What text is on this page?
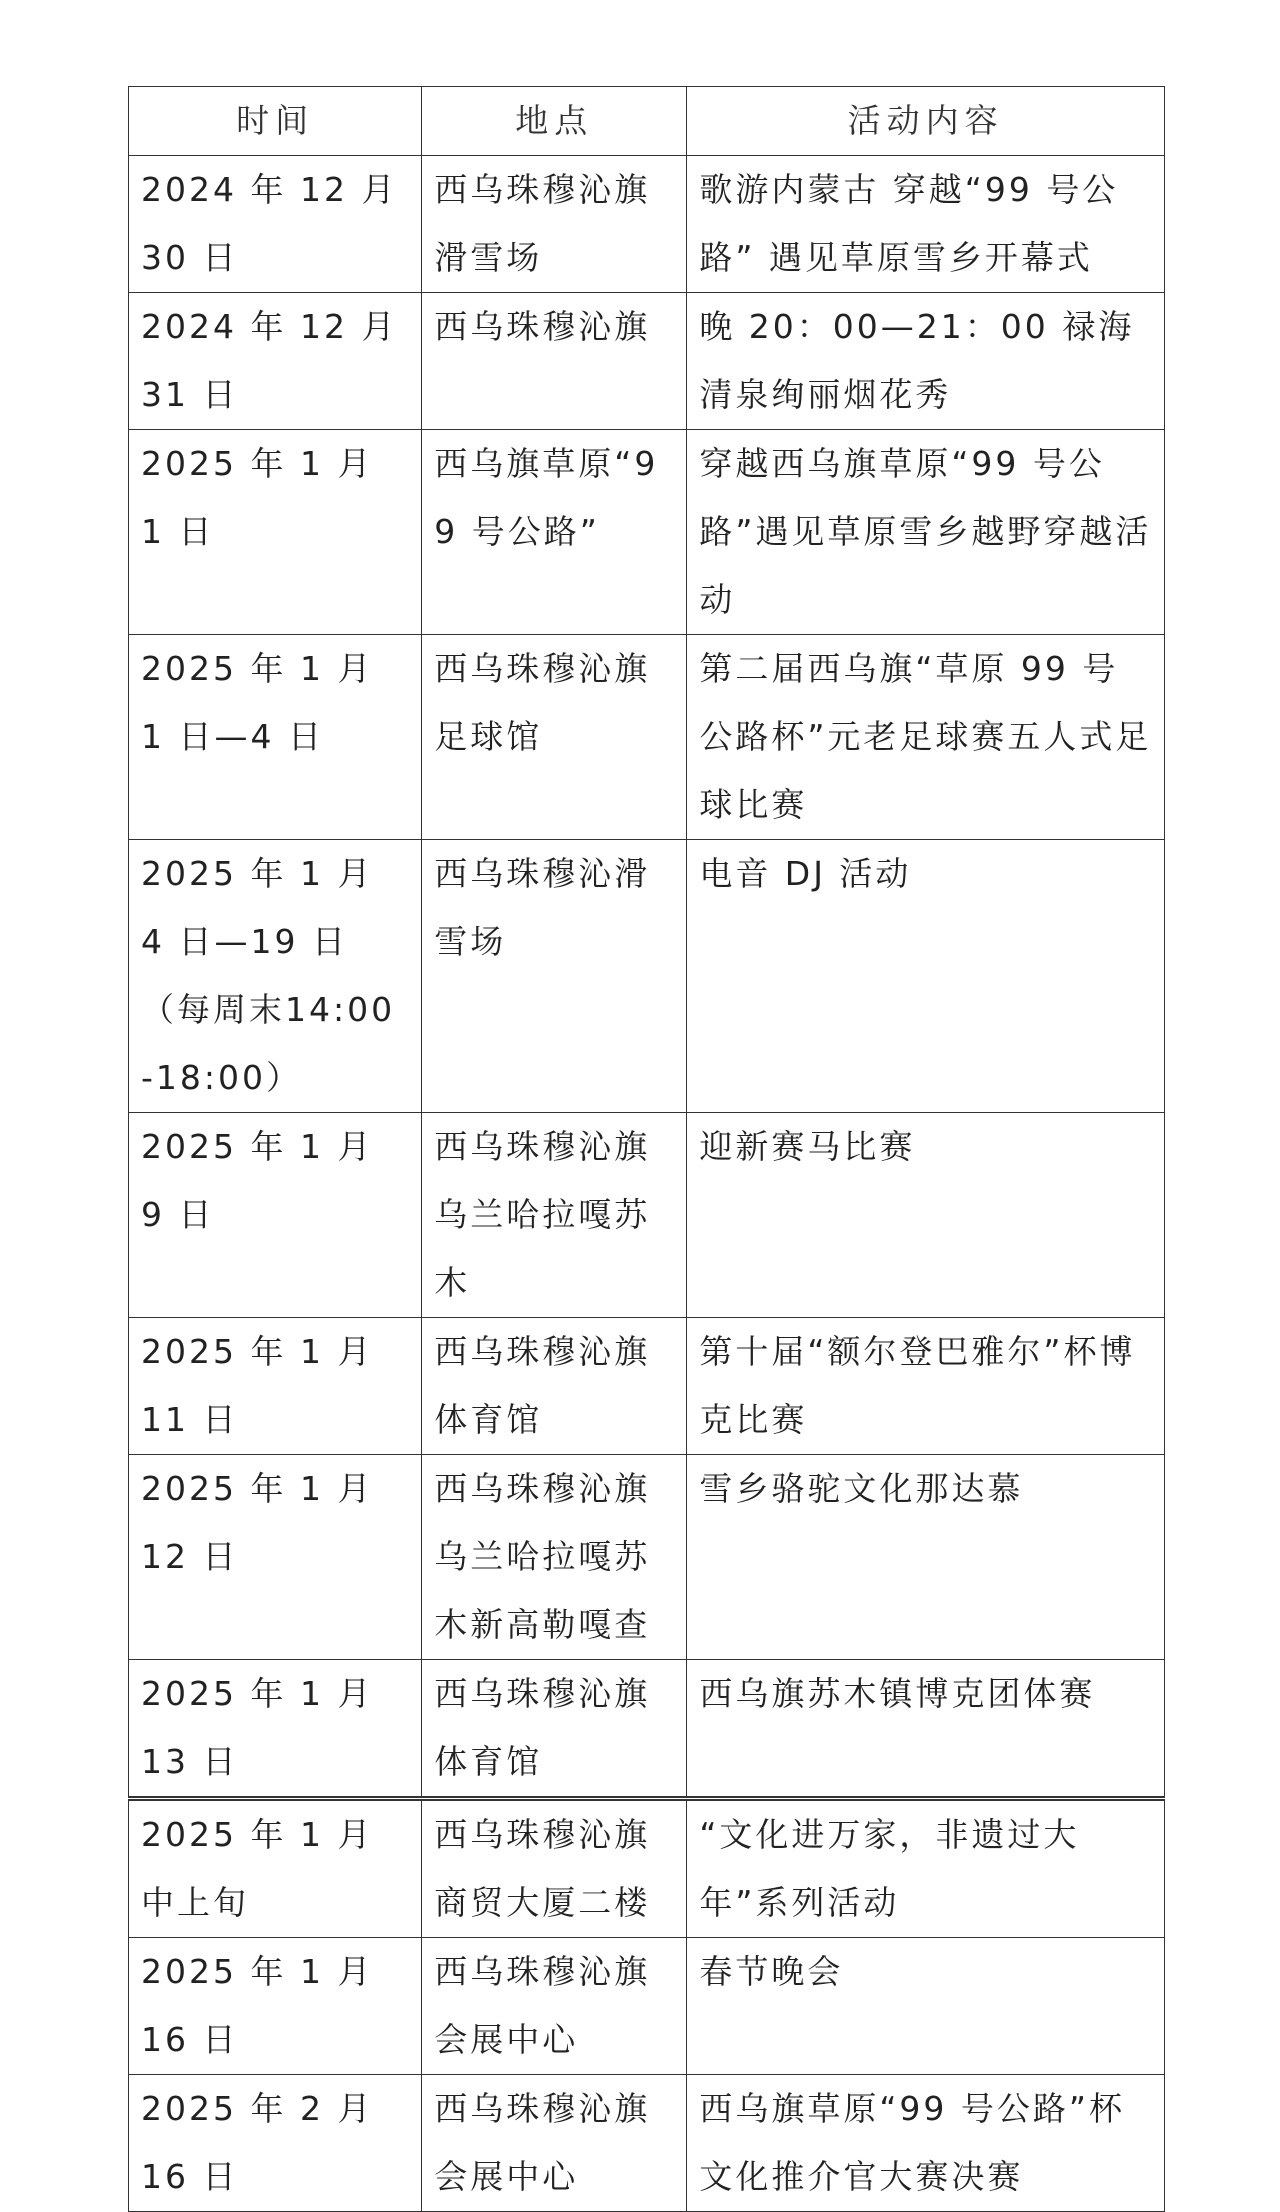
时间	地点	活动内容
2024 年 12 月 30 日	西乌珠穆沁旗滑雪场	歌游内蒙古 穿越“99 号公路” 遇见草原雪乡开幕式
2024 年 12 月 31 日	西乌珠穆沁旗	晚 20：00—21：00 禄海清泉绚丽烟花秀
2025 年 1 月 1 日	西乌旗草原“99 号公路”	穿越西乌旗草原“99 号公路”遇见草原雪乡越野穿越活动
2025 年 1 月 1 日—4 日	西乌珠穆沁旗足球馆	第二届西乌旗“草原 99 号公路杯”元老足球赛五人式足球比赛
2025 年 1 月 4 日—19 日（每周末14:00-18:00）	西乌珠穆沁滑雪场	电音 DJ 活动
2025 年 1 月 9 日	西乌珠穆沁旗乌兰哈拉嘎苏木	迎新赛马比赛
2025 年 1 月 11 日	西乌珠穆沁旗体育馆	第十届“额尔登巴雅尔”杯博克比赛
2025 年 1 月 12 日	西乌珠穆沁旗乌兰哈拉嘎苏木新高勒嘎查	雪乡骆驼文化那达慕
2025 年 1 月 13 日	西乌珠穆沁旗体育馆	西乌旗苏木镇博克团体赛
2025 年 1 月中上旬	西乌珠穆沁旗商贸大厦二楼	“文化进万家，非遗过大年”系列活动
2025 年 1 月 16 日	西乌珠穆沁旗会展中心	春节晚会
2025 年 2 月 16 日	西乌珠穆沁旗会展中心	西乌旗草原“99 号公路”杯文化推介官大赛决赛
